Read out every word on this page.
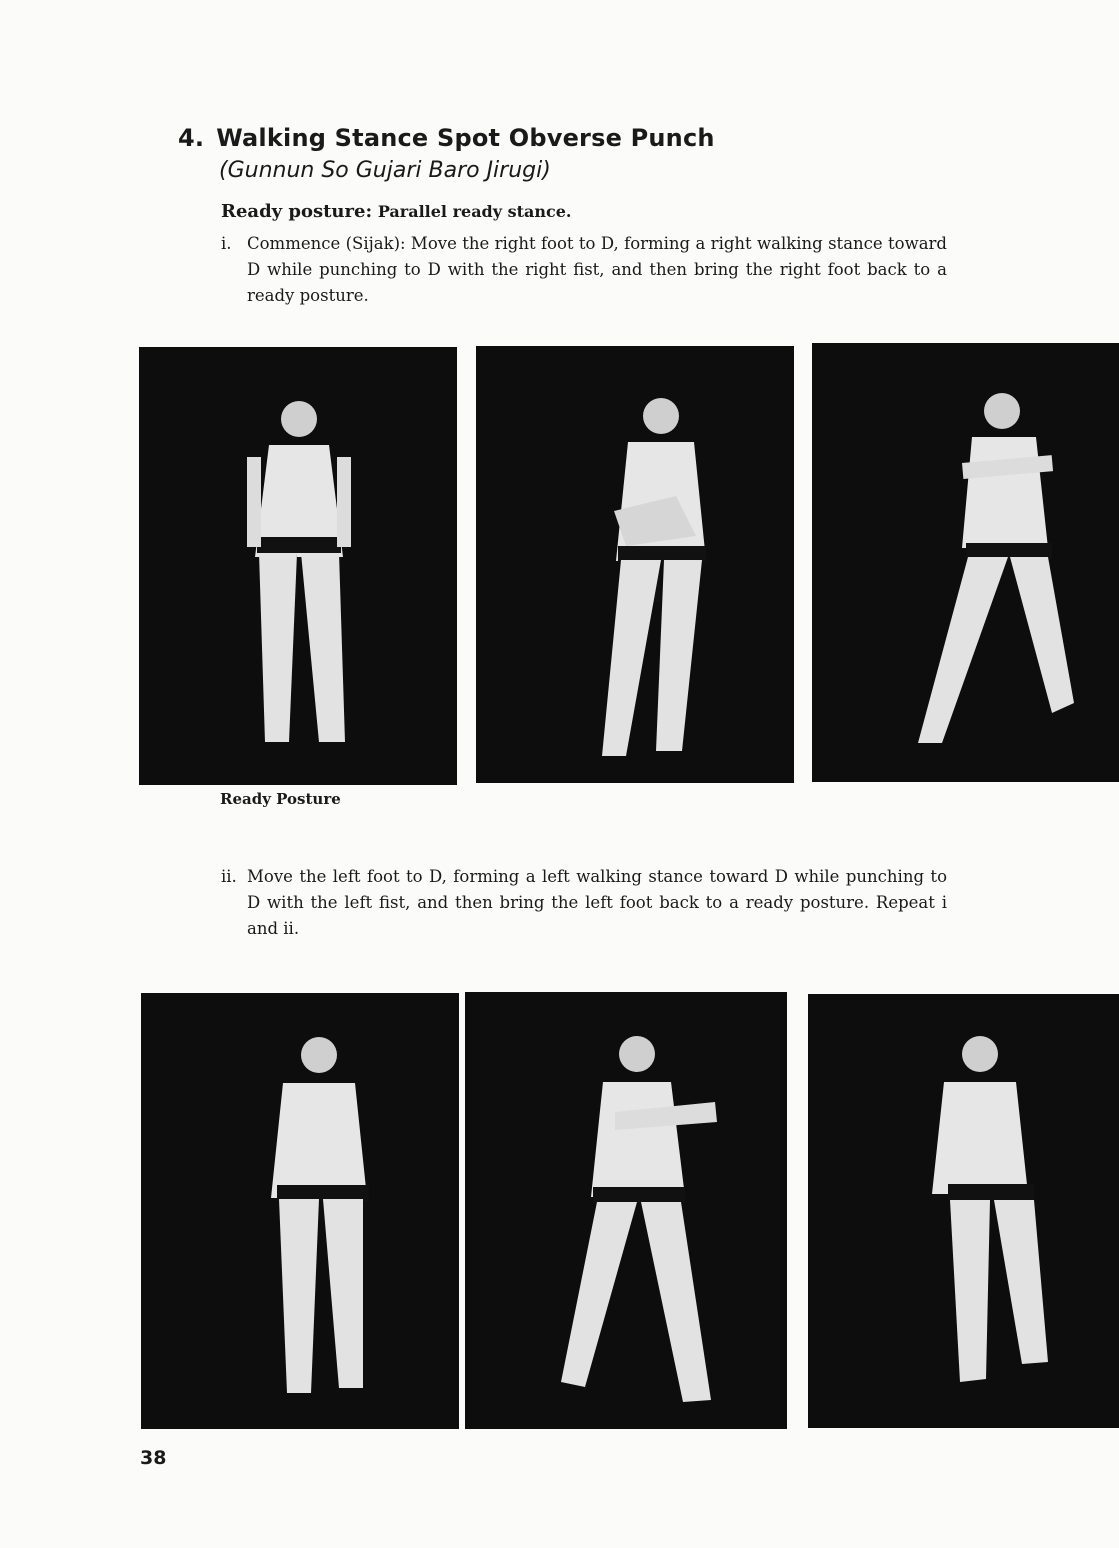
4. Walking Stance Spot Obverse Punch
(Gunnun So Gujari Baro Jirugi)
Ready posture: Parallel ready stance.
i. Commence (Sijak): Move the right foot to D, forming a right walking stance toward D while punching to D with the right fist, and then bring the right foot back to a ready posture.
Ready Posture
ii. Move the left foot to D, forming a left walking stance toward D while punching to D with the left fist, and then bring the left foot back to a ready posture. Repeat i and ii.
38
